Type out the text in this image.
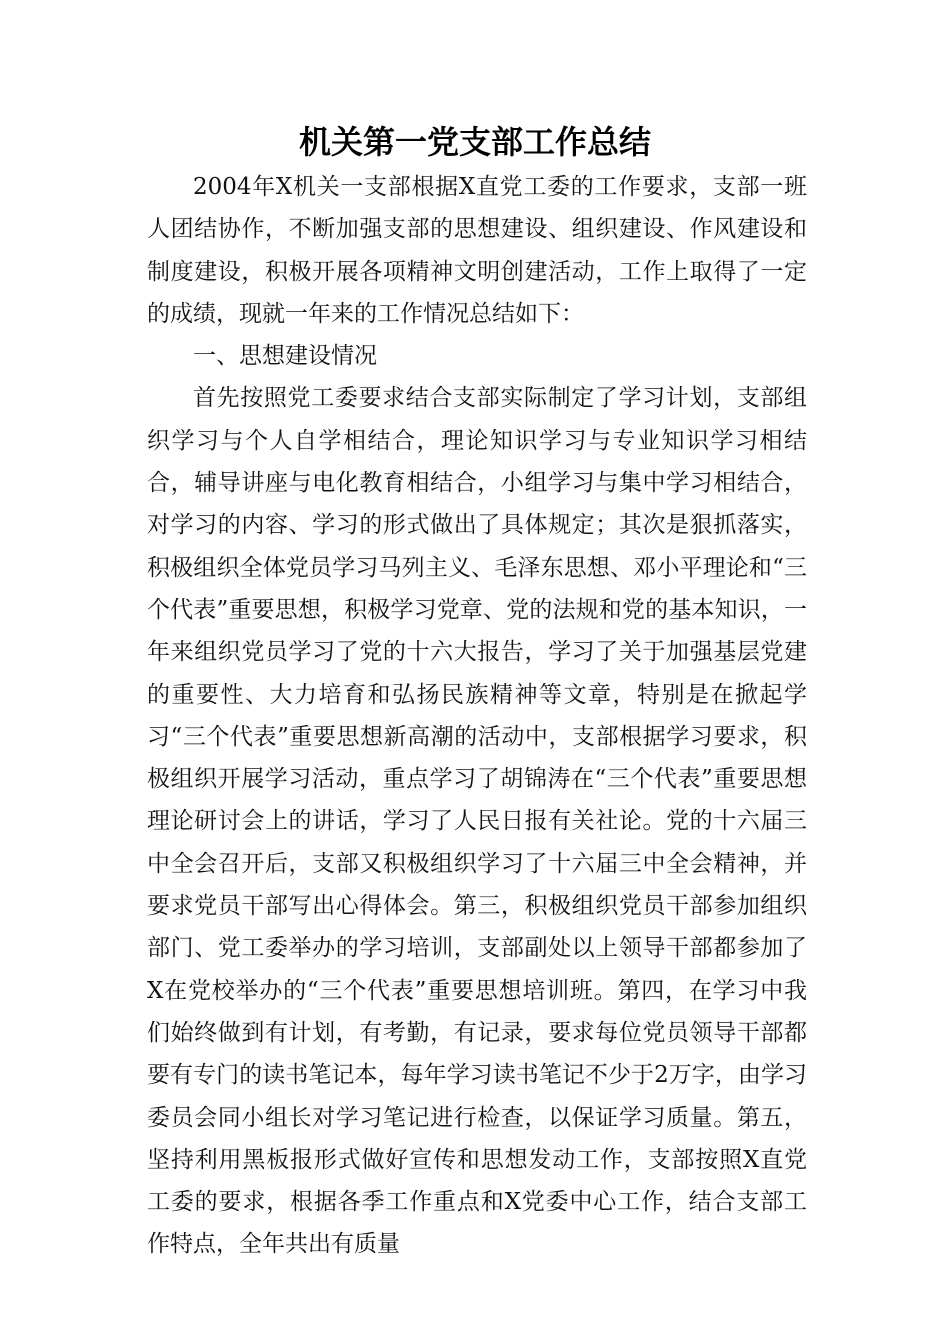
机关第一党支部工作总结

2004年X机关一支部根据X直党工委的工作要求，支部一班人团结协作，不断加强支部的思想建设、组织建设、作风建设和制度建设，积极开展各项精神文明创建活动，工作上取得了一定的成绩，现就一年来的工作情况总结如下：

一、思想建设情况

首先按照党工委要求结合支部实际制定了学习计划，支部组织学习与个人自学相结合，理论知识学习与专业知识学习相结合，辅导讲座与电化教育相结合，小组学习与集中学习相结合，对学习的内容、学习的形式做出了具体规定；其次是狠抓落实，积极组织全体党员学习马列主义、毛泽东思想、邓小平理论和“三个代表”重要思想，积极学习党章、党的法规和党的基本知识，一年来组织党员学习了党的十六大报告，学习了关于加强基层党建的重要性、大力培育和弘扬民族精神等文章，特别是在掀起学习“三个代表”重要思想新高潮的活动中，支部根据学习要求，积极组织开展学习活动，重点学习了胡锦涛在“三个代表”重要思想理论研讨会上的讲话，学习了人民日报有关社论。党的十六届三中全会召开后，支部又积极组织学习了十六届三中全会精神，并要求党员干部写出心得体会。第三，积极组织党员干部参加组织部门、党工委举办的学习培训，支部副处以上领导干部都参加了X在党校举办的“三个代表”重要思想培训班。第四，在学习中我们始终做到有计划，有考勤，有记录，要求每位党员领导干部都要有专门的读书笔记本，每年学习读书笔记不少于2万字，由学习委员会同小组长对学习笔记进行检查，以保证学习质量。第五，坚持利用黑板报形式做好宣传和思想发动工作，支部按照X直党工委的要求，根据各季工作重点和X党委中心工作，结合支部工作特点，全年共出有质量
